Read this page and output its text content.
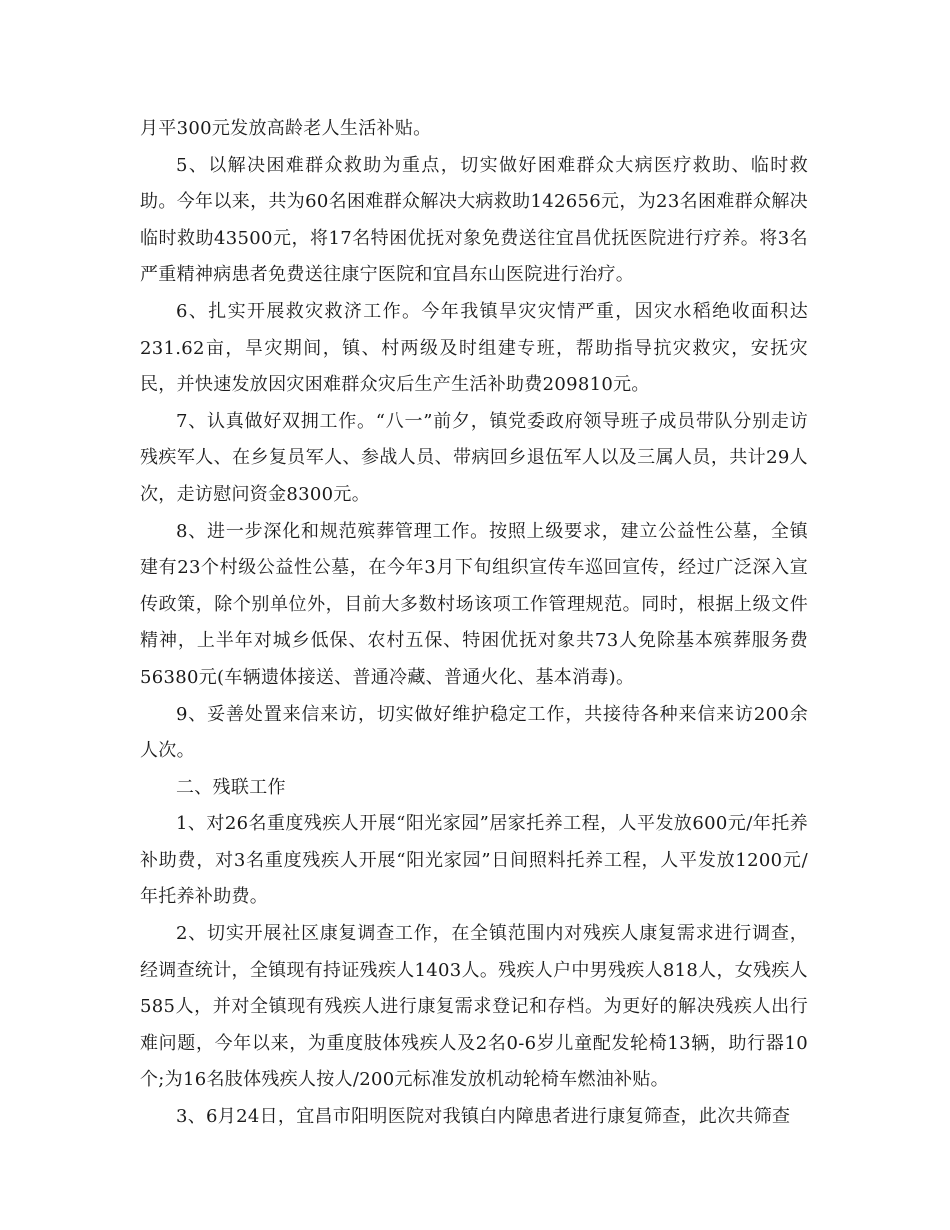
月平300元发放高龄老人生活补贴。

5、以解决困难群众救助为重点，切实做好困难群众大病医疗救助、临时救助。今年以来，共为60名困难群众解决大病救助142656元，为23名困难群众解决临时救助43500元，将17名特困优抚对象免费送往宜昌优抚医院进行疗养。将3名严重精神病患者免费送往康宁医院和宜昌东山医院进行治疗。

6、扎实开展救灾救济工作。今年我镇旱灾灾情严重，因灾水稻绝收面积达231.62亩，旱灾期间，镇、村两级及时组建专班，帮助指导抗灾救灾，安抚灾民，并快速发放因灾困难群众灾后生产生活补助费209810元。

7、认真做好双拥工作。“八一”前夕，镇党委政府领导班子成员带队分别走访残疾军人、在乡复员军人、参战人员、带病回乡退伍军人以及三属人员，共计29人次，走访慰问资金8300元。

8、进一步深化和规范殡葬管理工作。按照上级要求，建立公益性公墓，全镇建有23个村级公益性公墓，在今年3月下旬组织宣传车巡回宣传，经过广泛深入宣传政策，除个别单位外，目前大多数村场该项工作管理规范。同时，根据上级文件精神，上半年对城乡低保、农村五保、特困优抚对象共73人免除基本殡葬服务费56380元(车辆遗体接送、普通冷藏、普通火化、基本消毒)。

9、妥善处置来信来访，切实做好维护稳定工作，共接待各种来信来访200余人次。

二、残联工作

1、对26名重度残疾人开展“阳光家园”居家托养工程，人平发放600元/年托养补助费，对3名重度残疾人开展“阳光家园”日间照料托养工程，人平发放1200元/年托养补助费。

2、切实开展社区康复调查工作，在全镇范围内对残疾人康复需求进行调查，经调查统计，全镇现有持证残疾人1403人。残疾人户中男残疾人818人，女残疾人585人，并对全镇现有残疾人进行康复需求登记和存档。为更好的解决残疾人出行难问题，今年以来，为重度肢体残疾人及2名0-6岁儿童配发轮椅13辆，助行器10个;为16名肢体残疾人按人/200元标准发放机动轮椅车燃油补贴。

3、6月24日，宜昌市阳明医院对我镇白内障患者进行康复筛查，此次共筛查
